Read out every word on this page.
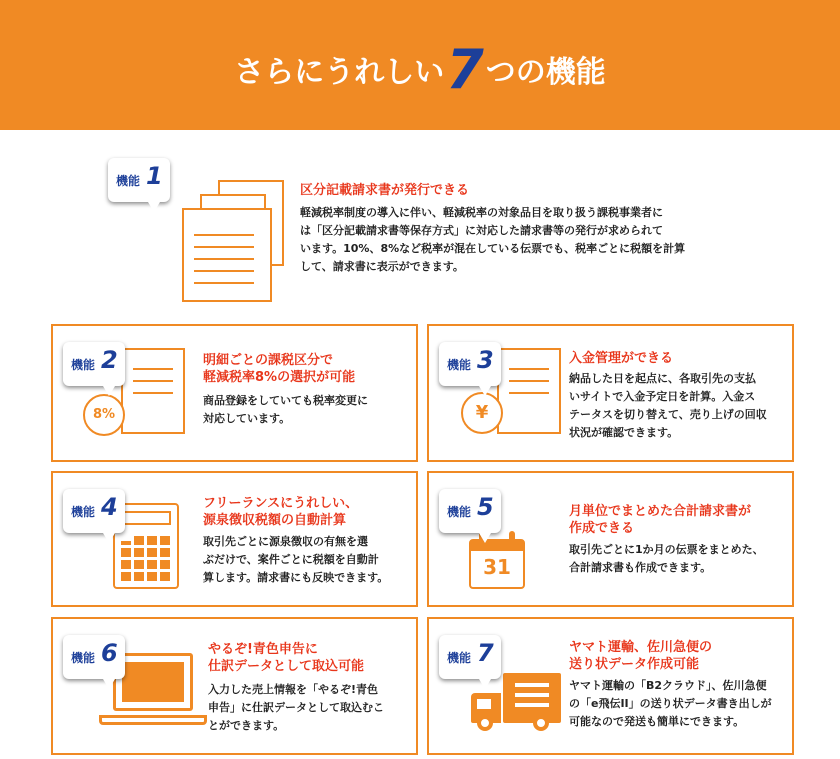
さらにうれしい7つの機能
機能 1
区分記載請求書が発行できる
軽減税率制度の導入に伴い、軽減税率の対象品目を取り扱う課税事業者に
は「区分記載請求書等保存方式」に対応した請求書等の発行が求められて
います。10%、8%など税率が混在している伝票でも、税率ごとに税額を計算
して、請求書に表示ができます。
機能 2
8%
明細ごとの課税区分で
軽減税率8%の選択が可能
商品登録をしていても税率変更に
対応しています。
機能 3
¥
入金管理ができる
納品した日を起点に、各取引先の支払
いサイトで入金予定日を計算。入金ス
テータスを切り替えて、売り上げの回収
状況が確認できます。
機能 4	フリーランスにうれしい、
源泉徴収税額の自動計算
取引先ごとに源泉徴収の有無を選
ぶだけで、案件ごとに税額を自動計
算します。請求書にも反映できます。
機能 5
31
月単位でまとめた合計請求書が
作成できる
取引先ごとに1か月の伝票をまとめた、
合計請求書も作成できます。
機能 6	やるぞ!青色申告に
仕訳データとして取込可能
入力した売上情報を「やるぞ!青色
申告」に仕訳データとして取込むこ
とができます。
機能 7	ヤマト運輸、佐川急便の
送り状データ作成可能
ヤマト運輸の「B2クラウド」、佐川急便
の「e飛伝II」の送り状データ書き出しが
可能なので発送も簡単にできます。
